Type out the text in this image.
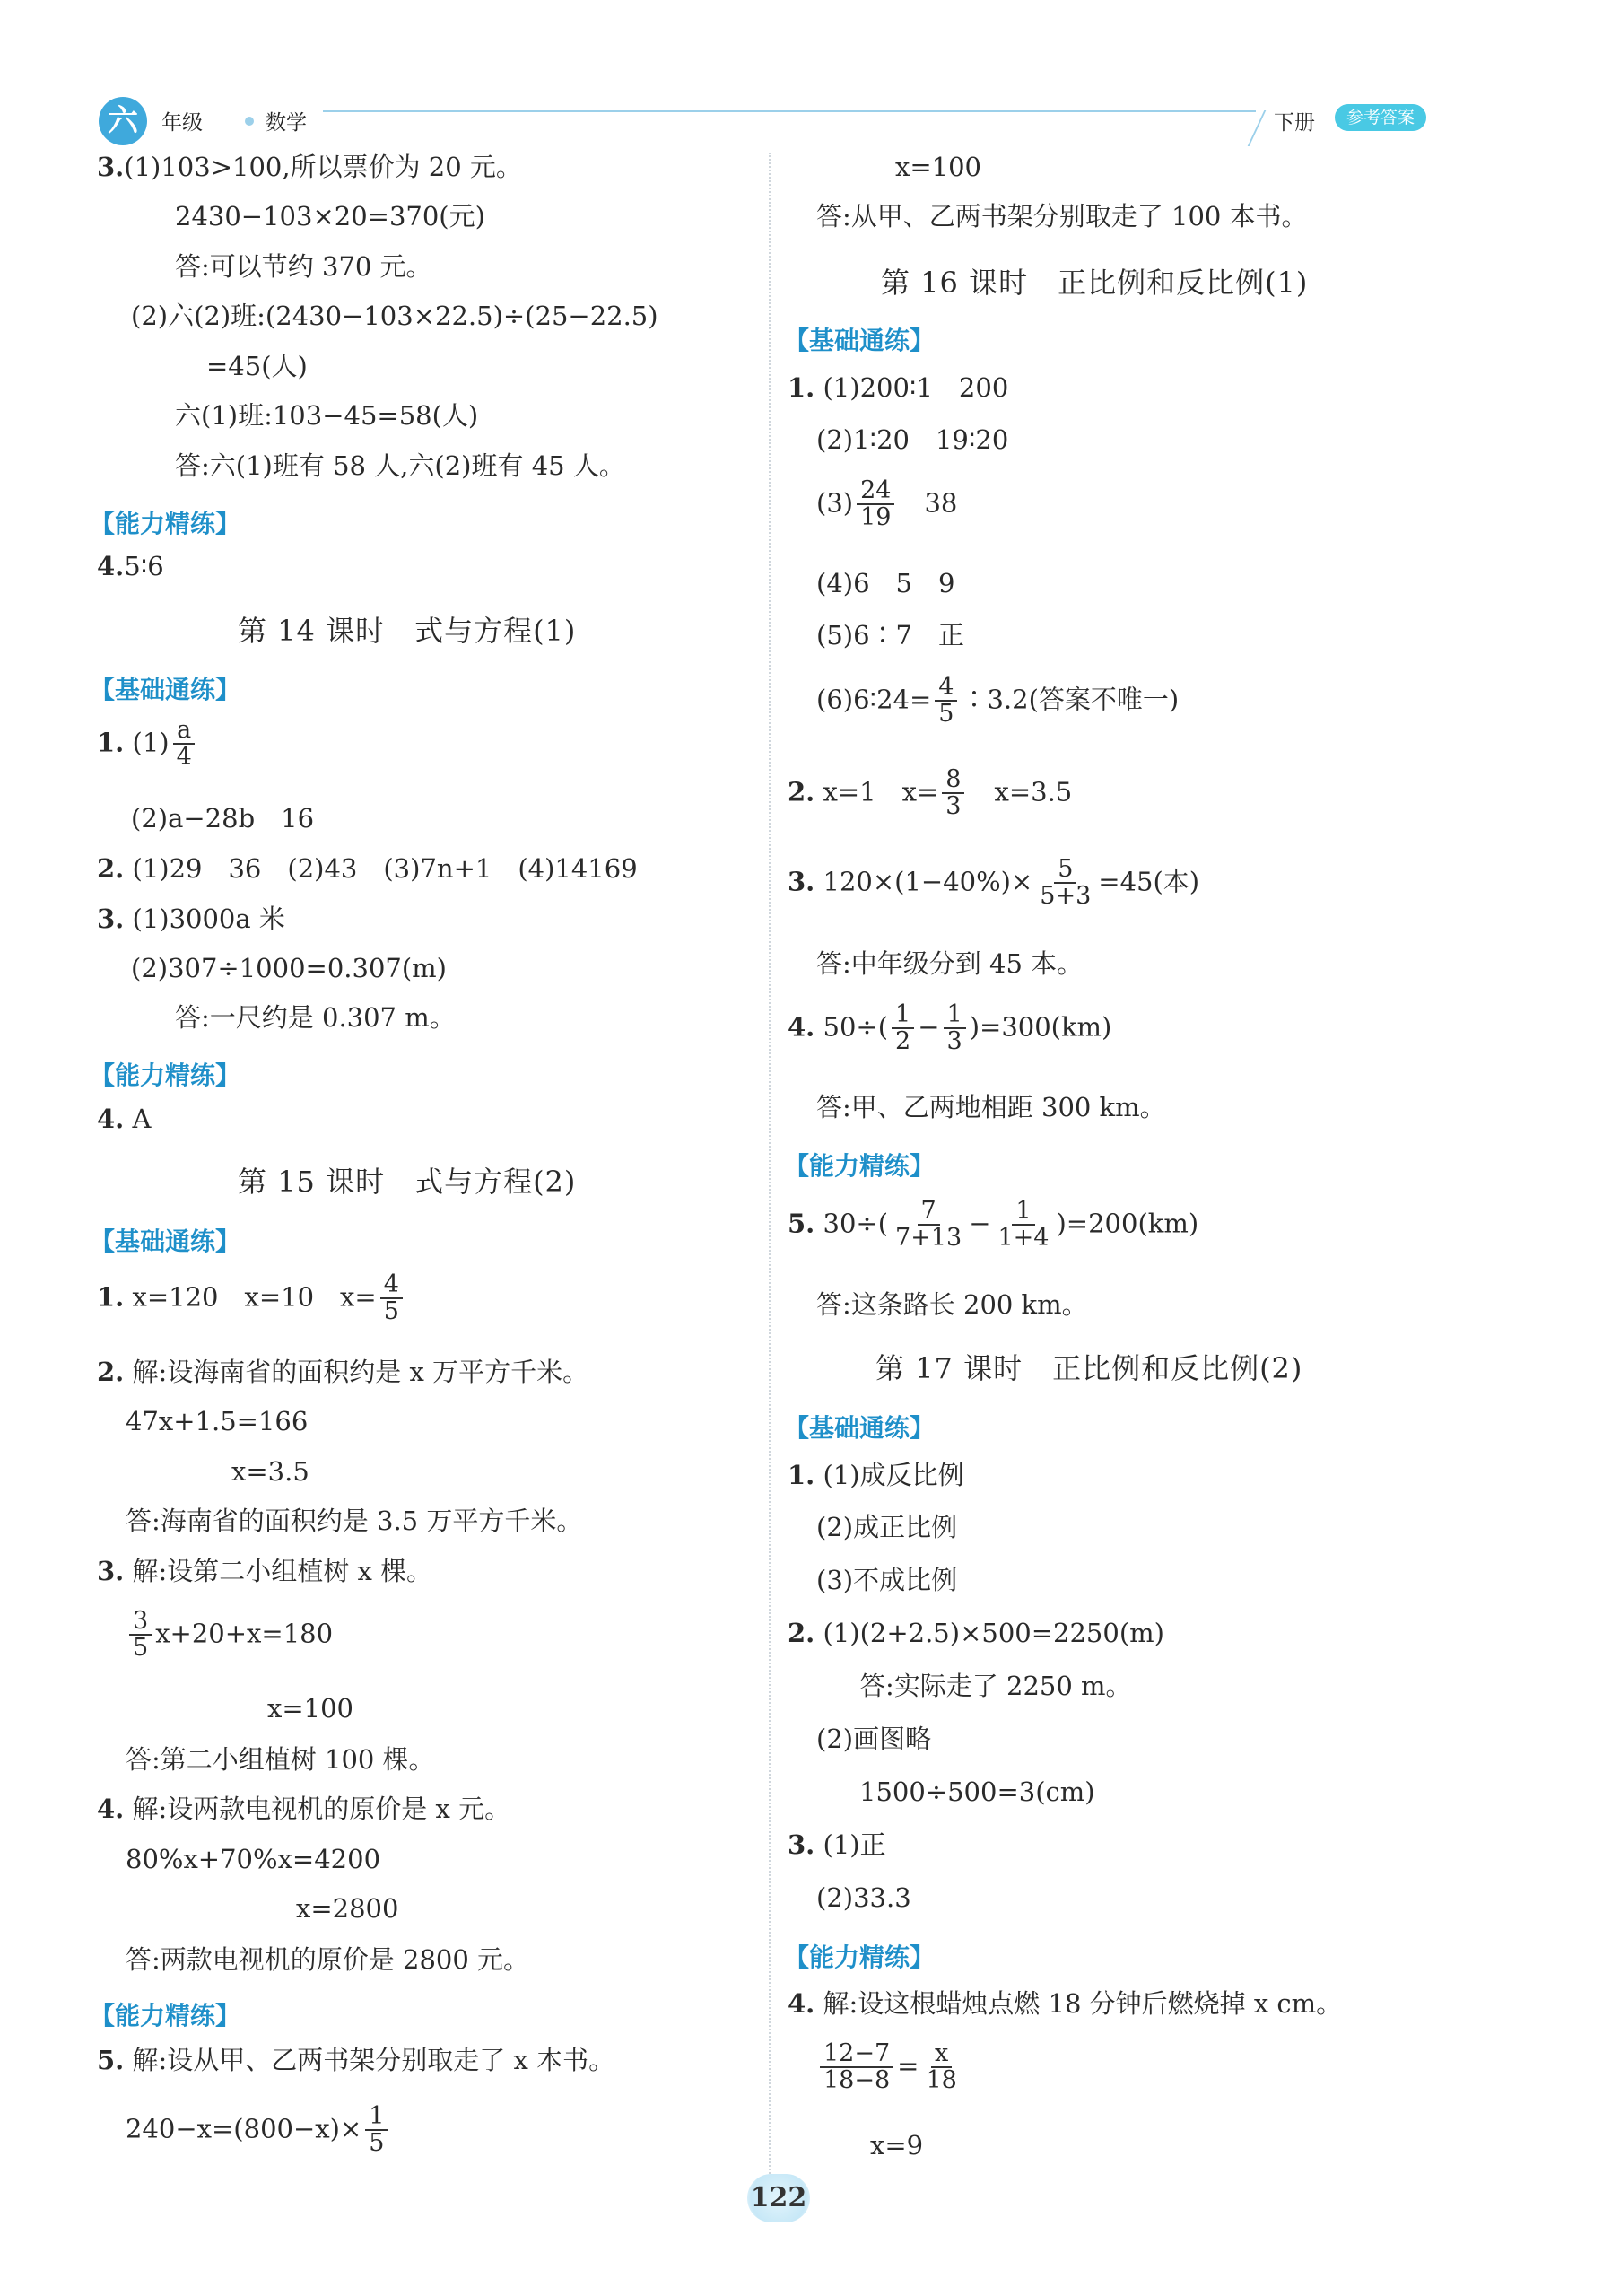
六	年级	数学	下册	参考答案
3.(1)103>100,所以票价为 20 元。
2430−103×20=370(元)
答:可以节约 370 元。
(2)六(2)班:(2430−103×22.5)÷(25−22.5)
=45(人)
六(1)班:103−45=58(人)
答:六(1)班有 58 人,六(2)班有 45 人。
【能力精练】
4.5∶6
第 14 课时　式与方程(1)
【基础通练】
1. $(1) \frac{a}{4}$
(2)a−28b　16
2. (1)29　36　(2)43　(3)7n+1　(4)14169
3. (1)3000a 米
(2)307÷1000=0.307(m)
答:一尺约是 0.307 m。
【能力精练】
4. A
第 15 课时　式与方程(2)
【基础通练】
1. x=120　x=10　$x= \frac{4}{5}$
2. 解:设海南省的面积约是 x 万平方千米。
47x+1.5=166
x=3.5
答:海南省的面积约是 3.5 万平方千米。
3. 解:设第二小组植树 x 棵。
$\frac{3}{5} x+20+x=180$
x=100
答:第二小组植树 100 棵。
4. 解:设两款电视机的原价是 x 元。
80%x+70%x=4200
x=2800
答:两款电视机的原价是 2800 元。
【能力精练】
5. 解:设从甲、乙两书架分别取走了 x 本书。
$240-x=(800-x)\times \frac{1}{5}$
x=100
答:从甲、乙两书架分别取走了 100 本书。
第 16 课时　正比例和反比例(1)
【基础通练】
1. (1)200∶1　200
(2)1∶20　19∶20
$(3) \frac{24}{19}$
　 38
(4)6　5　9
(5)6∶7　正
(6)6∶24= $\frac{4}{5}$ ∶3.2(答案不唯一)
2. x=1　$x= \frac{8}{3}$
　 x=3.5
3. $120\times(1-40\%)\times \frac{5}{5+3} =45$(本)
答:中年级分到 45 本。
4. $50\div( \frac{1}{2} - \frac{1}{3} )=300(km)$
答:甲、乙两地相距 300 km。
【能力精练】
5. $30\div( \frac{7}{7+13} - \frac{1}{1+4} )=200(km)$
答:这条路长 200 km。
第 17 课时　正比例和反比例(2)
【基础通练】
1. (1)成反比例
(2)成正比例
(3)不成比例
2. (1)(2+2.5)×500=2250(m)
答:实际走了 2250 m。
(2)画图略
1500÷500=3(cm)
3. (1)正
(2)33.3
【能力精练】
4. 解:设这根蜡烛点燃 18 分钟后燃烧掉 x cm。
$\frac{12-7}{18-8} = \frac{x}{18}$
x=9
122
